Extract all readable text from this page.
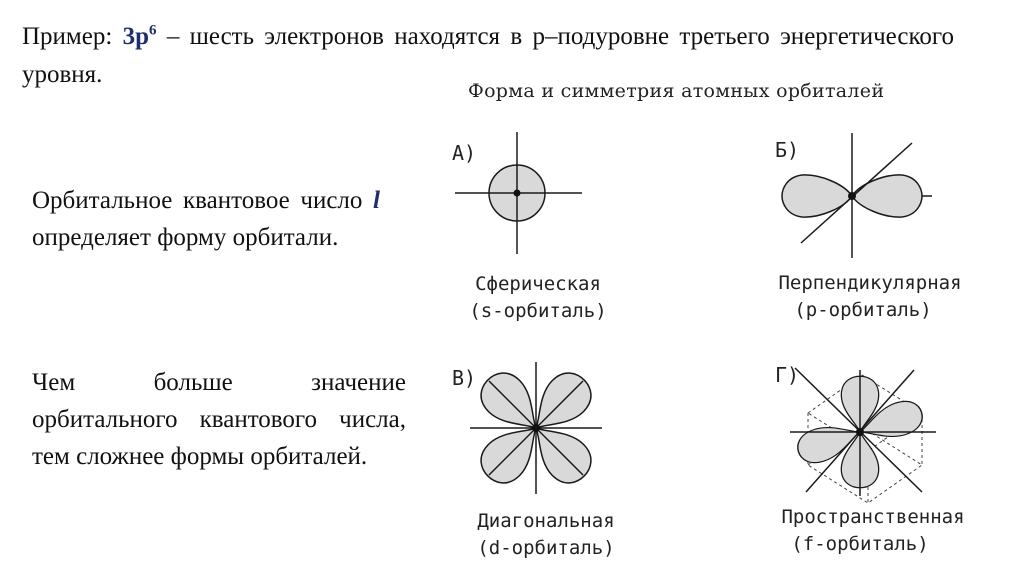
Пример: $3p^6$ – шесть электронов находятся в p–подуровне третьего энергетического уровня.

Орбитальное квантовое число l определяет форму орбитали.

Чем больше значение орбитального квантового числа, тем сложнее формы орбиталей.

Форма и симметрия атомных орбиталей
А)
Сферическая
(s-орбиталь)
Б)
Перпендикулярная
(p-орбиталь)
В)
Диагональная
(d-орбиталь)
Г)
Пространственная
(f-орбиталь)
